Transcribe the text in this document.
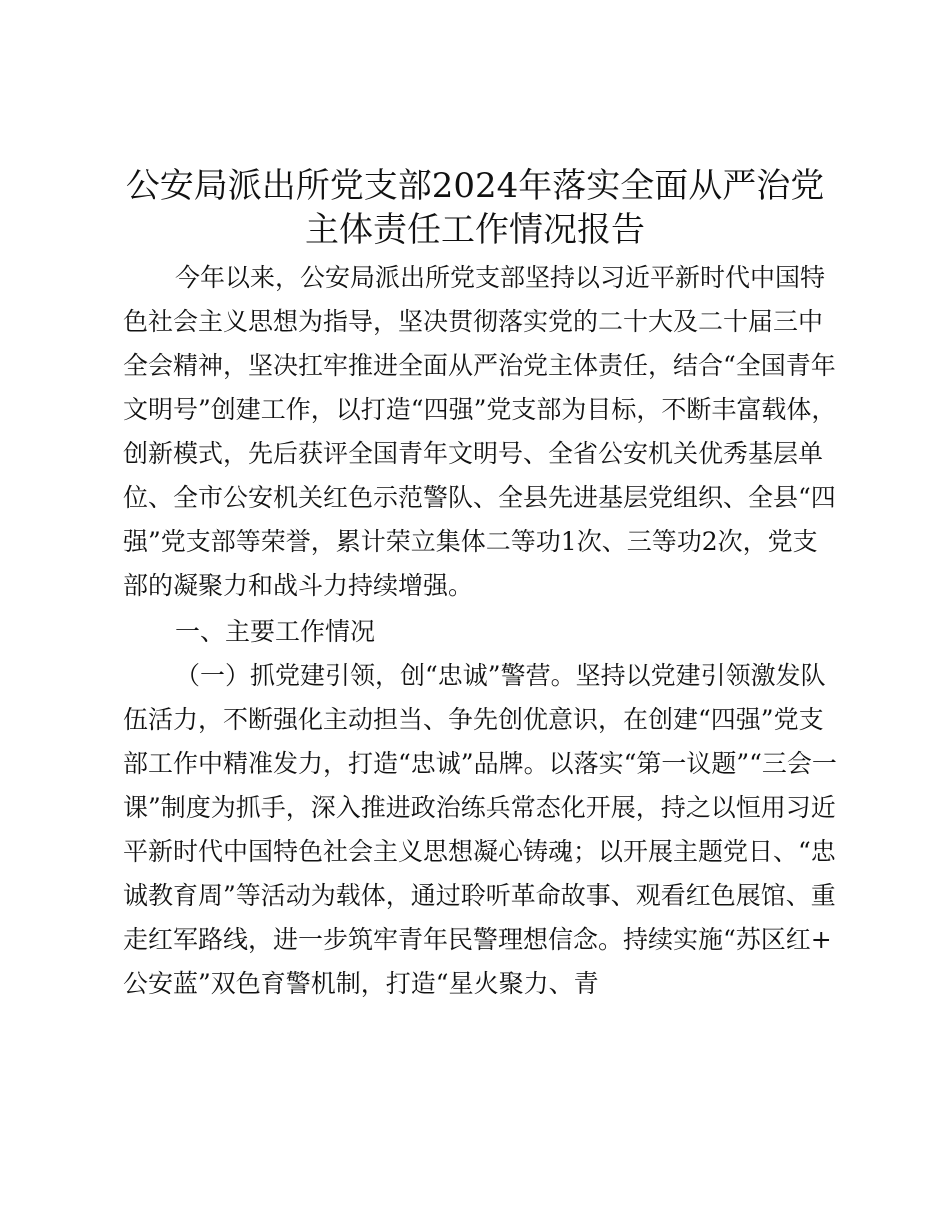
公安局派出所党支部2024年落实全面从严治党
主体责任工作情况报告
今年以来，公安局派出所党支部坚持以习近平新时代中国特
色社会主义思想为指导，坚决贯彻落实党的二十大及二十届三中
全会精神，坚决扛牢推进全面从严治党主体责任，结合“全国青年
文明号”创建工作，以打造“四强”党支部为目标，不断丰富载体，
创新模式，先后获评全国青年文明号、全省公安机关优秀基层单
位、全市公安机关红色示范警队、全县先进基层党组织、全县“四
强”党支部等荣誉，累计荣立集体二等功1次、三等功2次，党支
部的凝聚力和战斗力持续增强。
一、主要工作情况
（一）抓党建引领，创“忠诚”警营。坚持以党建引领激发队
伍活力，不断强化主动担当、争先创优意识，在创建“四强”党支
部工作中精准发力，打造“忠诚”品牌。以落实“第一议题”“三会一
课”制度为抓手，深入推进政治练兵常态化开展，持之以恒用习近
平新时代中国特色社会主义思想凝心铸魂；以开展主题党日、“忠
诚教育周”等活动为载体，通过聆听革命故事、观看红色展馆、重
走红军路线，进一步筑牢青年民警理想信念。持续实施“苏区红+
公安蓝”双色育警机制，打造“星火聚力、青
